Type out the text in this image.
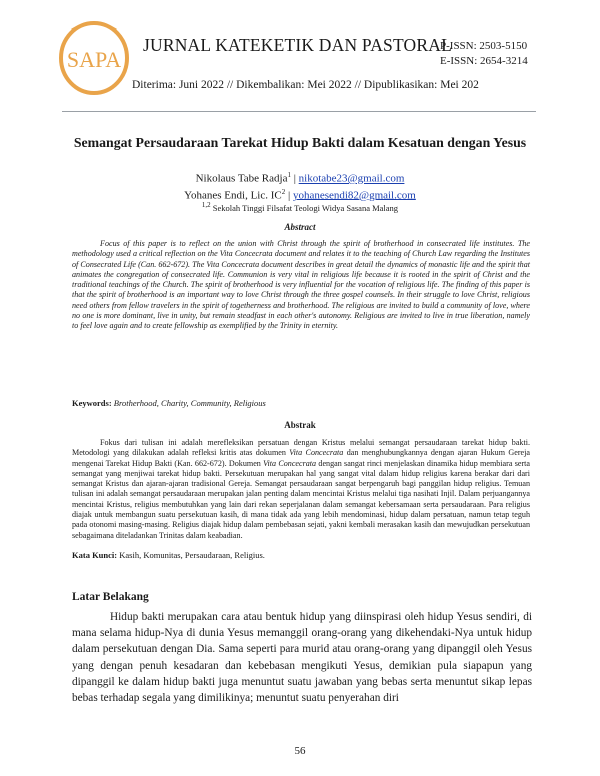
SAPA
JURNAL KATEKETIK DAN PASTORAL
P-ISSN: 2503-5150
E-ISSN: 2654-3214
Diterima: Juni 2022 // Dikembalikan: Mei 2022 // Dipublikasikan: Mei 202
Semangat Persaudaraan Tarekat Hidup Bakti dalam Kesatuan dengan Yesus
Nikolaus Tabe Radja$^1$ | nikotabe23@gmail.com
Yohanes Endi, Lic. $IC^2$ | yohanesendi82@gmail.com
$^{1,2}$ Sekolah Tinggi Filsafat Teologi Widya Sasana Malang
Abstract

Focus of this paper is to reflect on the union with Christ through the spirit of brotherhood in consecrated life institutes. The methodology used a critical reflection on the Vita Concecrata document and relates it to the teaching of Church Law regarding the Institutes of Consecrated Life (Can. 662-672). The Vita Concecrata document describes in great detail the dynamics of monastic life and the spirit that animates the congregation of consecrated life. Communion is very vital in religious life because it is rooted in the spirit of Christ and the traditional teachings of the Church. The spirit of brotherhood is very influential for the vocation of religious life. The finding of this paper is that the spirit of brotherhood is an important way to love Christ through the three gospel counsels. In their struggle to love Christ, religious need others from fellow travelers in the spirit of togetherness and brotherhood. The religious are invited to build a community of love, where no one is more dominant, live in unity, but remain steadfast in each other's autonomy. Religious are invited to live in true liberation, namely to feel love again and to create fellowship as exemplified by the Trinity in eternity.

Keywords: Brotherhood, Charity, Community, Religious
Abstrak

Fokus dari tulisan ini adalah merefleksikan persatuan dengan Kristus melalui semangat persaudaraan tarekat hidup bakti. Metodologi yang dilakukan adalah refleksi kritis atas dokumen Vita Concecrata dan menghubungkannya dengan ajaran Hukum Gereja mengenai Tarekat Hidup Bakti (Kan. 662-672). Dokumen Vita Concecrata dengan sangat rinci menjelaskan dinamika hidup membiara serta semangat yang menjiwai tarekat hidup bakti. Persekutuan merupakan hal yang sangat vital dalam hidup religius karena berakar dari dari semangat Kristus dan ajaran-ajaran tradisional Gereja. Semangat persaudaraan sangat berpengaruh bagi panggilan hidup religius. Temuan tulisan ini adalah semangat persaudaraan merupakan jalan penting dalam mencintai Kristus melalui tiga nasihati Injil. Dalam perjuangannya mencintai Kristus, religius membutuhkan yang lain dari rekan seperjalanan dalam semangat kebersamaan serta persaudaraan. Para religius diajak untuk membangun suatu persekutuan kasih, di mana tidak ada yang lebih mendominasi, hidup dalam persatuan, namun tetap teguh pada otonomi masing-masing. Religius diajak hidup dalam pembebasan sejati, yakni kembali merasakan kasih dan mewujudkan persekutuan sebagaimana diteladankan Trinitas dalam keabadian.

Kata Kunci: Kasih, Komunitas, Persaudaraan, Religius.
Latar Belakang

Hidup bakti merupakan cara atau bentuk hidup yang diinspirasi oleh hidup Yesus sendiri, di mana selama hidup-Nya di dunia Yesus memanggil orang-orang yang dikehendaki-Nya untuk hidup dalam persekutuan dengan Dia. Sama seperti para murid atau orang-orang yang dipanggil oleh Yesus yang dengan penuh kesadaran dan kebebasan mengikuti Yesus, demikian pula siapapun yang dipanggil ke dalam hidup bakti juga menuntut suatu jawaban yang bebas serta menuntut sikap lepas bebas terhadap segala yang dimilikinya; menuntut suatu penyerahan diri

56
